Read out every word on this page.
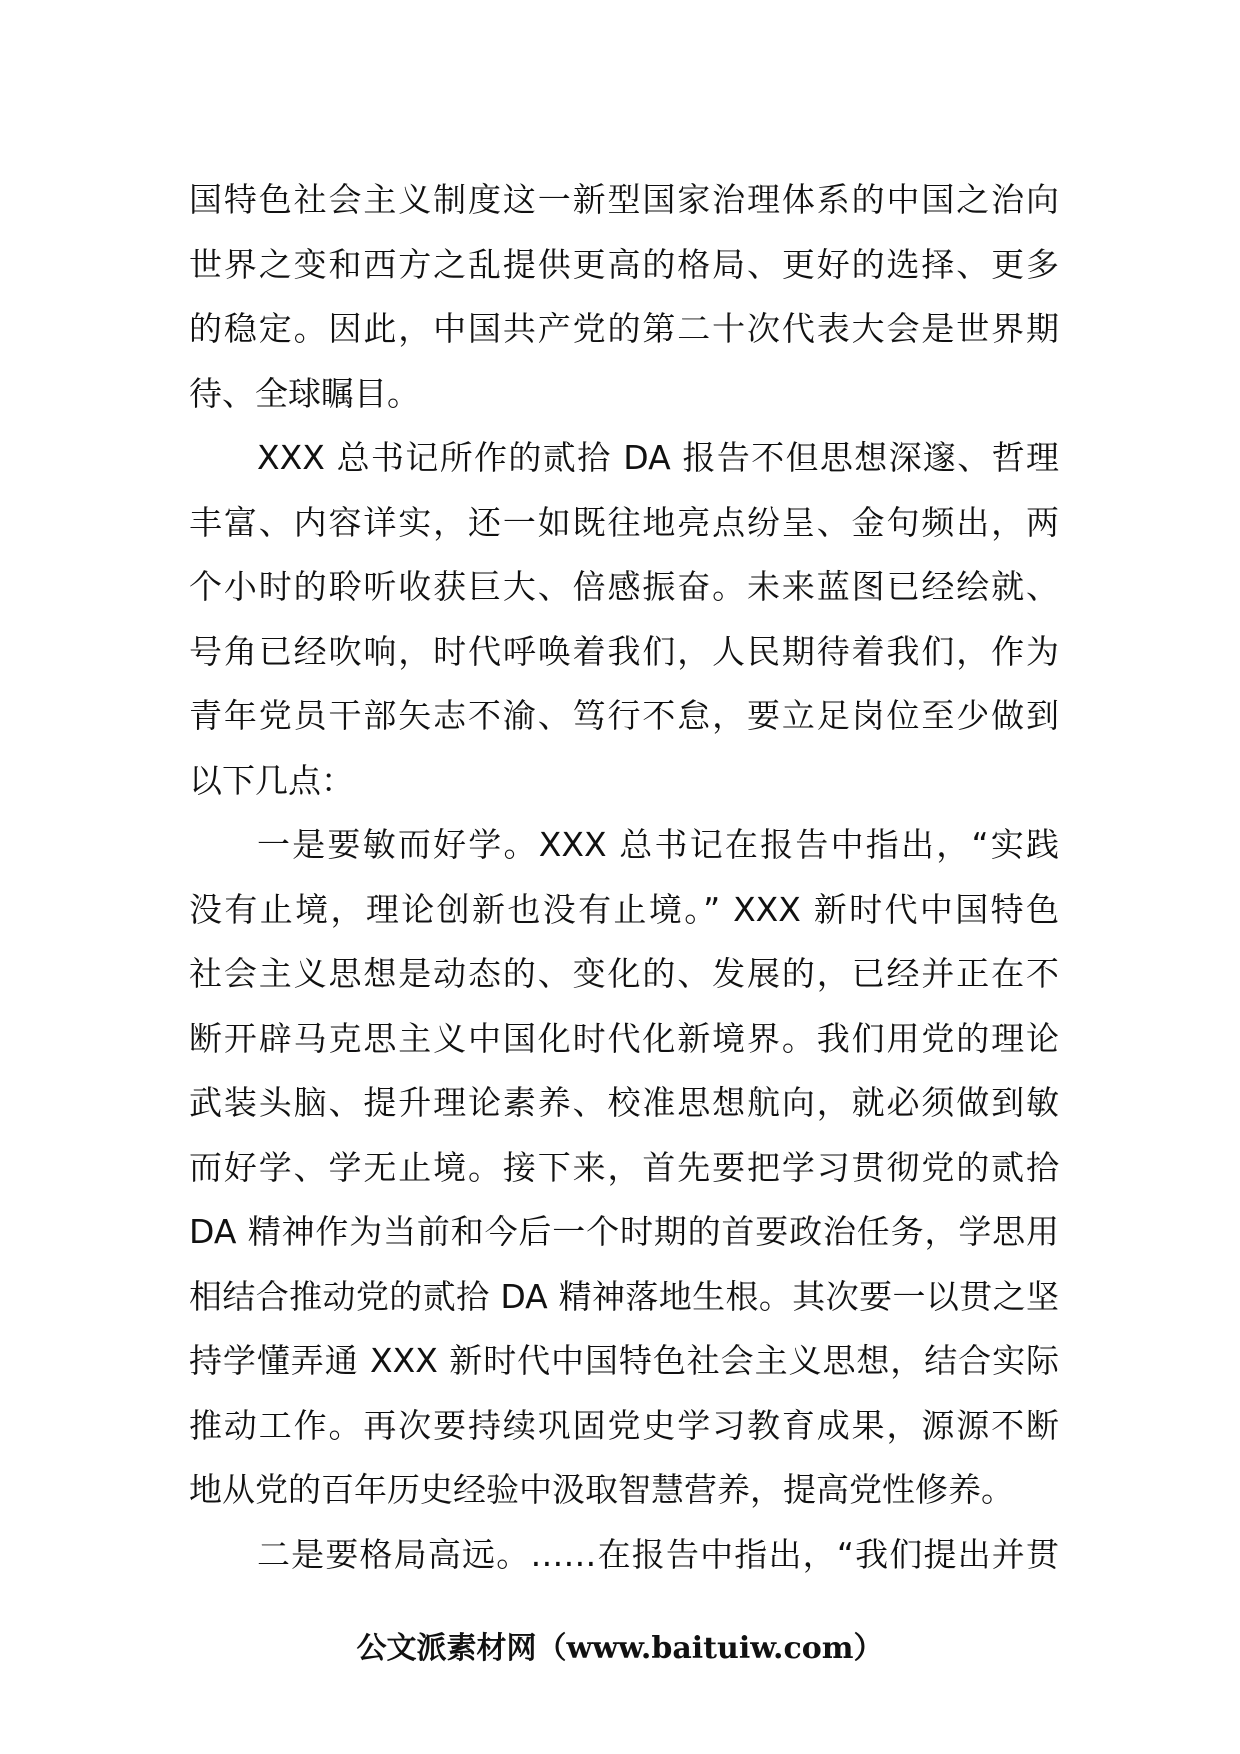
国特色社会主义制度这一新型国家治理体系的中国之治向
世界之变和西方之乱提供更高的格局、更好的选择、更多
的稳定。因此，中国共产党的第二十次代表大会是世界期
待、全球瞩目。
XXX 总书记所作的贰拾 DA 报告不但思想深邃、哲理
丰富、内容详实，还一如既往地亮点纷呈、金句频出，两
个小时的聆听收获巨大、倍感振奋。未来蓝图已经绘就、
号角已经吹响，时代呼唤着我们，人民期待着我们，作为
青年党员干部矢志不渝、笃行不怠，要立足岗位至少做到
以下几点：
一是要敏而好学。XXX 总书记在报告中指出，“实践
没有止境，理论创新也没有止境。” XXX 新时代中国特色
社会主义思想是动态的、变化的、发展的，已经并正在不
断开辟马克思主义中国化时代化新境界。我们用党的理论
武装头脑、提升理论素养、校准思想航向，就必须做到敏
而好学、学无止境。接下来，首先要把学习贯彻党的贰拾
DA 精神作为当前和今后一个时期的首要政治任务，学思用
相结合推动党的贰拾 DA 精神落地生根。其次要一以贯之坚
持学懂弄通 XXX 新时代中国特色社会主义思想，结合实际
推动工作。再次要持续巩固党史学习教育成果，源源不断
地从党的百年历史经验中汲取智慧营养，提高党性修养。
二是要格局高远。……在报告中指出，“我们提出并贯
公文派素材网（www.baituiw.com）
